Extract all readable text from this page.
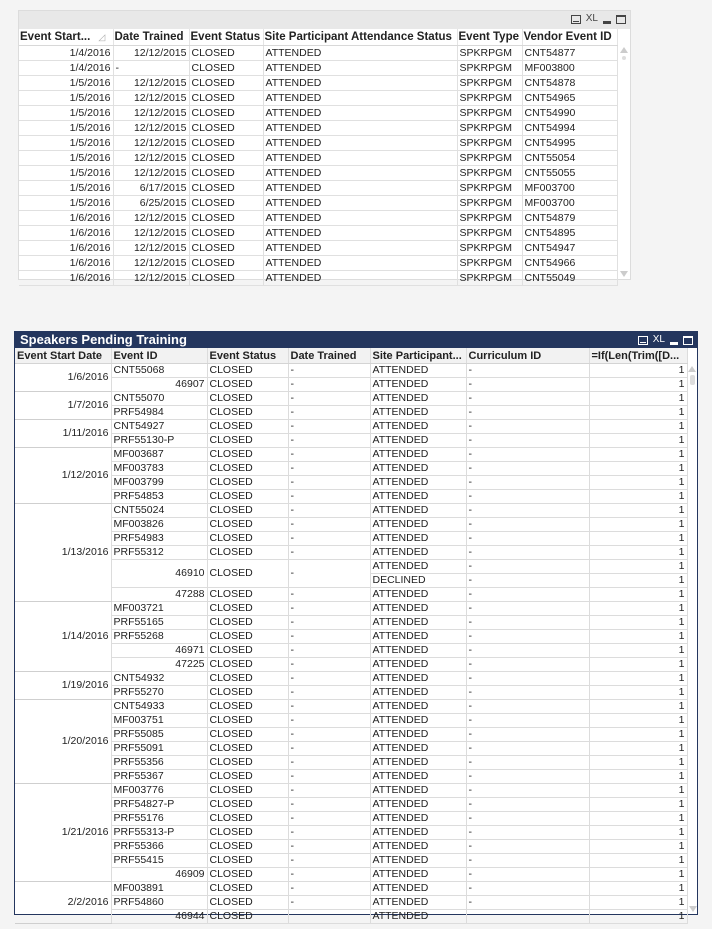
XL
Event Start... ◿	Date Trained	Event Status	Site Participant Attendance Status	Event Type	Vendor Event ID
1/4/2016	12/12/2015	CLOSED	ATTENDED	SPKRPGM	CNT54877
1/4/2016	-	CLOSED	ATTENDED	SPKRPGM	MF003800
1/5/2016	12/12/2015	CLOSED	ATTENDED	SPKRPGM	CNT54878
1/5/2016	12/12/2015	CLOSED	ATTENDED	SPKRPGM	CNT54965
1/5/2016	12/12/2015	CLOSED	ATTENDED	SPKRPGM	CNT54990
1/5/2016	12/12/2015	CLOSED	ATTENDED	SPKRPGM	CNT54994
1/5/2016	12/12/2015	CLOSED	ATTENDED	SPKRPGM	CNT54995
1/5/2016	12/12/2015	CLOSED	ATTENDED	SPKRPGM	CNT55054
1/5/2016	12/12/2015	CLOSED	ATTENDED	SPKRPGM	CNT55055
1/5/2016	6/17/2015	CLOSED	ATTENDED	SPKRPGM	MF003700
1/5/2016	6/25/2015	CLOSED	ATTENDED	SPKRPGM	MF003700
1/6/2016	12/12/2015	CLOSED	ATTENDED	SPKRPGM	CNT54879
1/6/2016	12/12/2015	CLOSED	ATTENDED	SPKRPGM	CNT54895
1/6/2016	12/12/2015	CLOSED	ATTENDED	SPKRPGM	CNT54947
1/6/2016	12/12/2015	CLOSED	ATTENDED	SPKRPGM	CNT54966
1/6/2016	12/12/2015	CLOSED	ATTENDED	SPKRPGM	CNT55049
Speakers Pending Training	XL
Event Start Date	Event ID	Event Status	Date Trained	Site Participant...	Curriculum ID	=If(Len(Trim([D...
1/6/2016	CNT55068	CLOSED	-	ATTENDED	-	1
46907	CLOSED	-	ATTENDED	-	1
1/7/2016	CNT55070	CLOSED	-	ATTENDED	-	1
PRF54984	CLOSED	-	ATTENDED	-	1
1/11/2016	CNT54927	CLOSED	-	ATTENDED	-	1
PRF55130-P	CLOSED	-	ATTENDED	-	1
1/12/2016	MF003687	CLOSED	-	ATTENDED	-	1
MF003783	CLOSED	-	ATTENDED	-	1
MF003799	CLOSED	-	ATTENDED	-	1
PRF54853	CLOSED	-	ATTENDED	-	1
1/13/2016	CNT55024	CLOSED	-	ATTENDED	-	1
MF003826	CLOSED	-	ATTENDED	-	1
PRF54983	CLOSED	-	ATTENDED	-	1
PRF55312	CLOSED	-	ATTENDED	-	1
46910	CLOSED	-	ATTENDED	-	1
DECLINED	-	1
47288	CLOSED	-	ATTENDED	-	1
1/14/2016	MF003721	CLOSED	-	ATTENDED	-	1
PRF55165	CLOSED	-	ATTENDED	-	1
PRF55268	CLOSED	-	ATTENDED	-	1
46971	CLOSED	-	ATTENDED	-	1
47225	CLOSED	-	ATTENDED	-	1
1/19/2016	CNT54932	CLOSED	-	ATTENDED	-	1
PRF55270	CLOSED	-	ATTENDED	-	1
1/20/2016	CNT54933	CLOSED	-	ATTENDED	-	1
MF003751	CLOSED	-	ATTENDED	-	1
PRF55085	CLOSED	-	ATTENDED	-	1
PRF55091	CLOSED	-	ATTENDED	-	1
PRF55356	CLOSED	-	ATTENDED	-	1
PRF55367	CLOSED	-	ATTENDED	-	1
1/21/2016	MF003776	CLOSED	-	ATTENDED	-	1
PRF54827-P	CLOSED	-	ATTENDED	-	1
PRF55176	CLOSED	-	ATTENDED	-	1
PRF55313-P	CLOSED	-	ATTENDED	-	1
PRF55366	CLOSED	-	ATTENDED	-	1
PRF55415	CLOSED	-	ATTENDED	-	1
46909	CLOSED	-	ATTENDED	-	1
2/2/2016	MF003891	CLOSED	-	ATTENDED	-	1
PRF54860	CLOSED	-	ATTENDED	-	1
46944	CLOSED		ATTENDED		1
